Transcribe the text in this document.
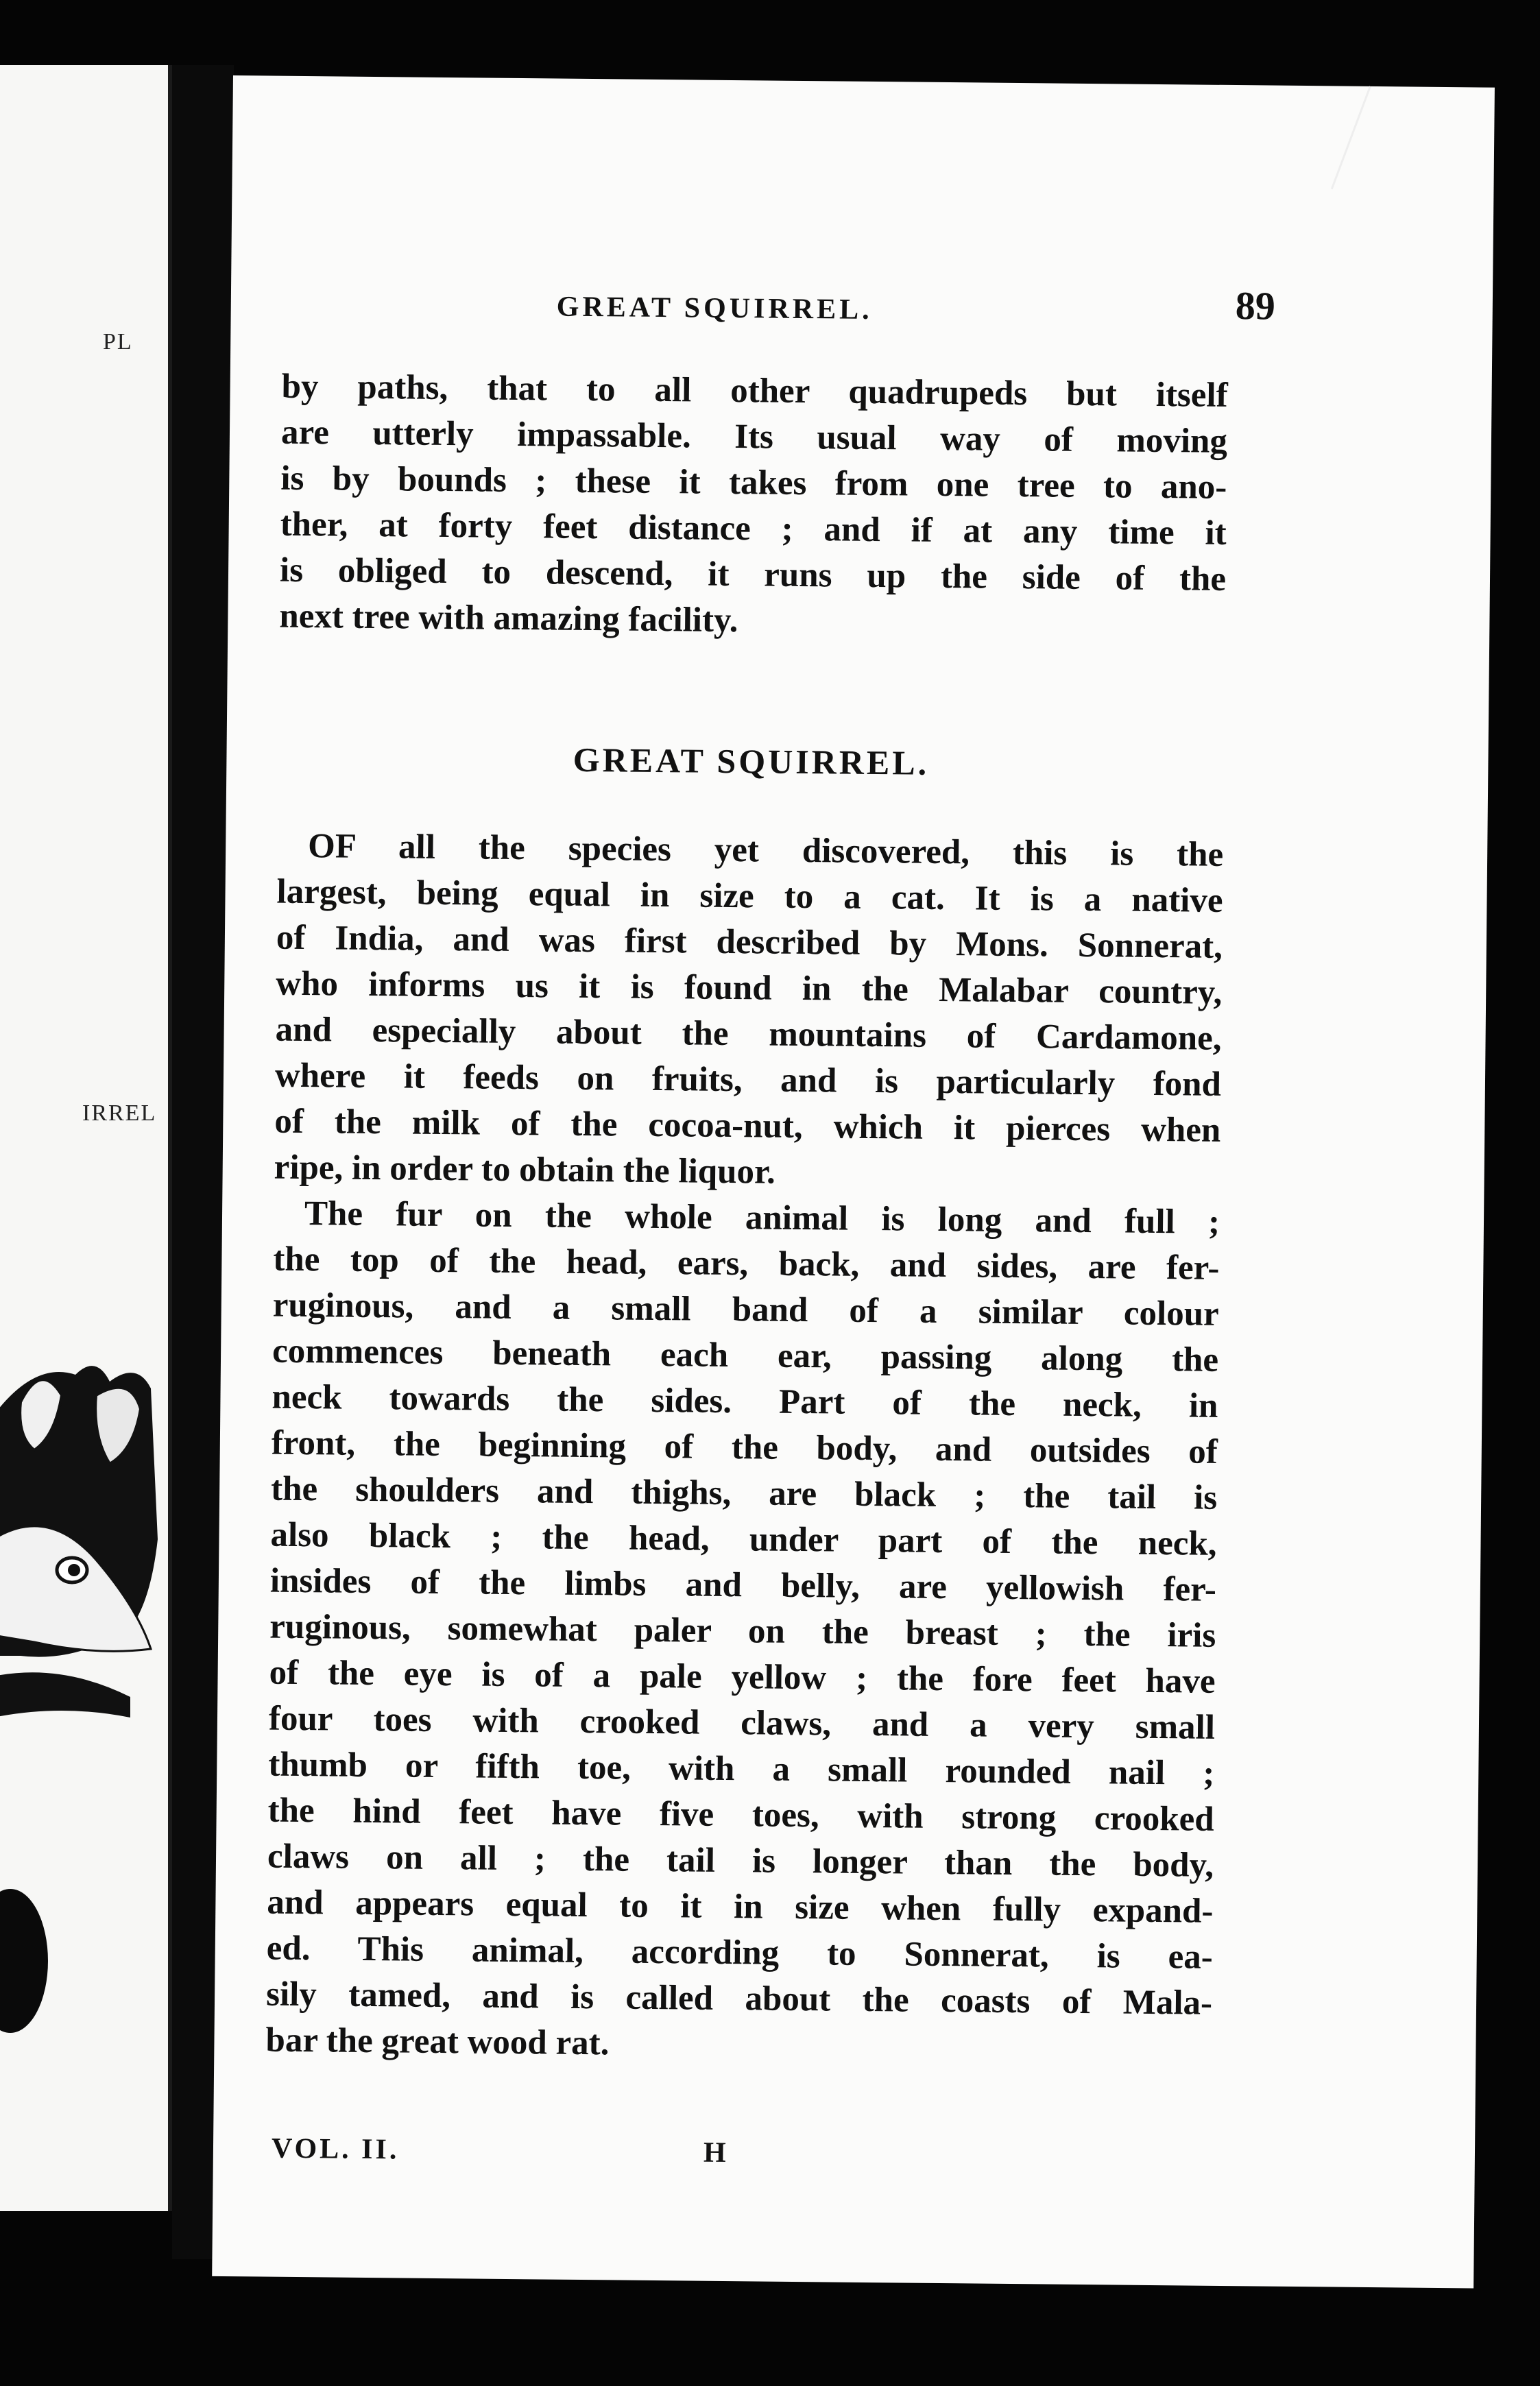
PL
IRREL
GREAT SQUIRREL.	89
by paths, that to all other quadrupeds but itself
are utterly impassable. Its usual way of moving
is by bounds ; these it takes from one tree to ano-
ther, at forty feet distance ; and if at any time it
is obliged to descend, it runs up the side of the
next tree with amazing facility.
GREAT SQUIRREL.
OF all the species yet discovered, this is the
largest, being equal in size to a cat. It is a native
of India, and was first described by Mons. Sonnerat,
who informs us it is found in the Malabar country,
and especially about the mountains of Cardamone,
where it feeds on fruits, and is particularly fond
of the milk of the cocoa-nut, which it pierces when
ripe, in order to obtain the liquor.
The fur on the whole animal is long and full ;
the top of the head, ears, back, and sides, are fer-
ruginous, and a small band of a similar colour
commences beneath each ear, passing along the
neck towards the sides. Part of the neck, in
front, the beginning of the body, and outsides of
the shoulders and thighs, are black ; the tail is
also black ; the head, under part of the neck,
insides of the limbs and belly, are yellowish fer-
ruginous, somewhat paler on the breast ; the iris
of the eye is of a pale yellow ; the fore feet have
four toes with crooked claws, and a very small
thumb or fifth toe, with a small rounded nail ;
the hind feet have five toes, with strong crooked
claws on all ; the tail is longer than the body,
and appears equal to it in size when fully expand-
ed. This animal, according to Sonnerat, is ea-
sily tamed, and is called about the coasts of Mala-
bar the great wood rat.
VOL. II.	H
